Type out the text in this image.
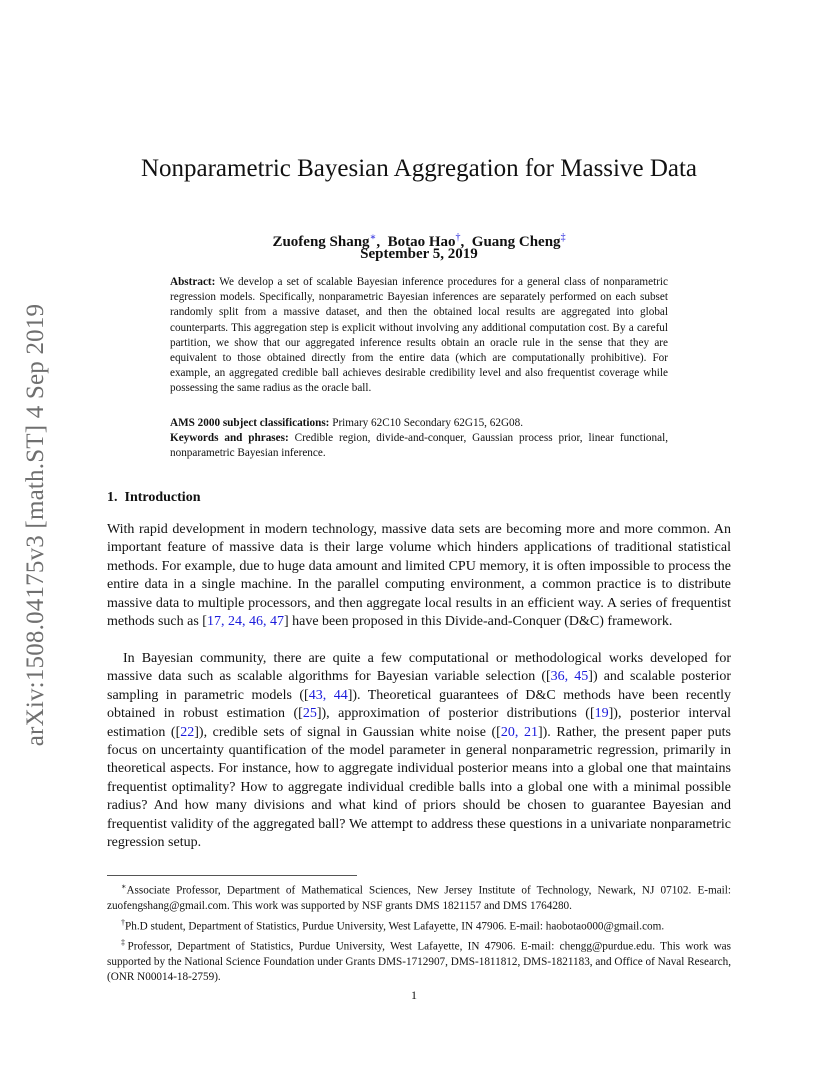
arXiv:1508.04175v3 [math.ST] 4 Sep 2019
Nonparametric Bayesian Aggregation for Massive Data
Zuofeng Shang∗, Botao Hao†, Guang Cheng‡
September 5, 2019
Abstract: We develop a set of scalable Bayesian inference procedures for a general class of nonparametric regression models. Specifically, nonparametric Bayesian inferences are separately performed on each subset randomly split from a massive dataset, and then the obtained local results are aggregated into global counterparts. This aggregation step is explicit without involving any additional computation cost. By a careful partition, we show that our aggregated inference results obtain an oracle rule in the sense that they are equivalent to those obtained directly from the entire data (which are computationally prohibitive). For example, an aggregated credible ball achieves desirable credibility level and also frequentist coverage while possessing the same radius as the oracle ball.
AMS 2000 subject classifications: Primary 62C10 Secondary 62G15, 62G08.
Keywords and phrases: Credible region, divide-and-conquer, Gaussian process prior, linear functional, nonparametric Bayesian inference.
1. Introduction
With rapid development in modern technology, massive data sets are becoming more and more common. An important feature of massive data is their large volume which hinders applications of traditional statistical methods. For example, due to huge data amount and limited CPU memory, it is often impossible to process the entire data in a single machine. In the parallel computing environment, a common practice is to distribute massive data to multiple processors, and then aggregate local results in an efficient way. A series of frequentist methods such as [17, 24, 46, 47] have been proposed in this Divide-and-Conquer (D&C) framework.
In Bayesian community, there are quite a few computational or methodological works developed for massive data such as scalable algorithms for Bayesian variable selection ([36, 45]) and scalable posterior sampling in parametric models ([43, 44]). Theoretical guarantees of D&C methods have been recently obtained in robust estimation ([25]), approximation of posterior distributions ([19]), posterior interval estimation ([22]), credible sets of signal in Gaussian white noise ([20, 21]). Rather, the present paper puts focus on uncertainty quantification of the model parameter in general nonparametric regression, primarily in theoretical aspects. For instance, how to aggregate individual posterior means into a global one that maintains frequentist optimality? How to aggregate individual credible balls into a global one with a minimal possible radius? And how many divisions and what kind of priors should be chosen to guarantee Bayesian and frequentist validity of the aggregated ball? We attempt to address these questions in a univariate nonparametric regression setup.
∗Associate Professor, Department of Mathematical Sciences, New Jersey Institute of Technology, Newark, NJ 07102. E-mail: zuofengshang@gmail.com. This work was supported by NSF grants DMS 1821157 and DMS 1764280.
†Ph.D student, Department of Statistics, Purdue University, West Lafayette, IN 47906. E-mail: haobotao000@gmail.com.
‡Professor, Department of Statistics, Purdue University, West Lafayette, IN 47906. E-mail: chengg@purdue.edu. This work was supported by the National Science Foundation under Grants DMS-1712907, DMS-1811812, DMS-1821183, and Office of Naval Research, (ONR N00014-18-2759).
1
